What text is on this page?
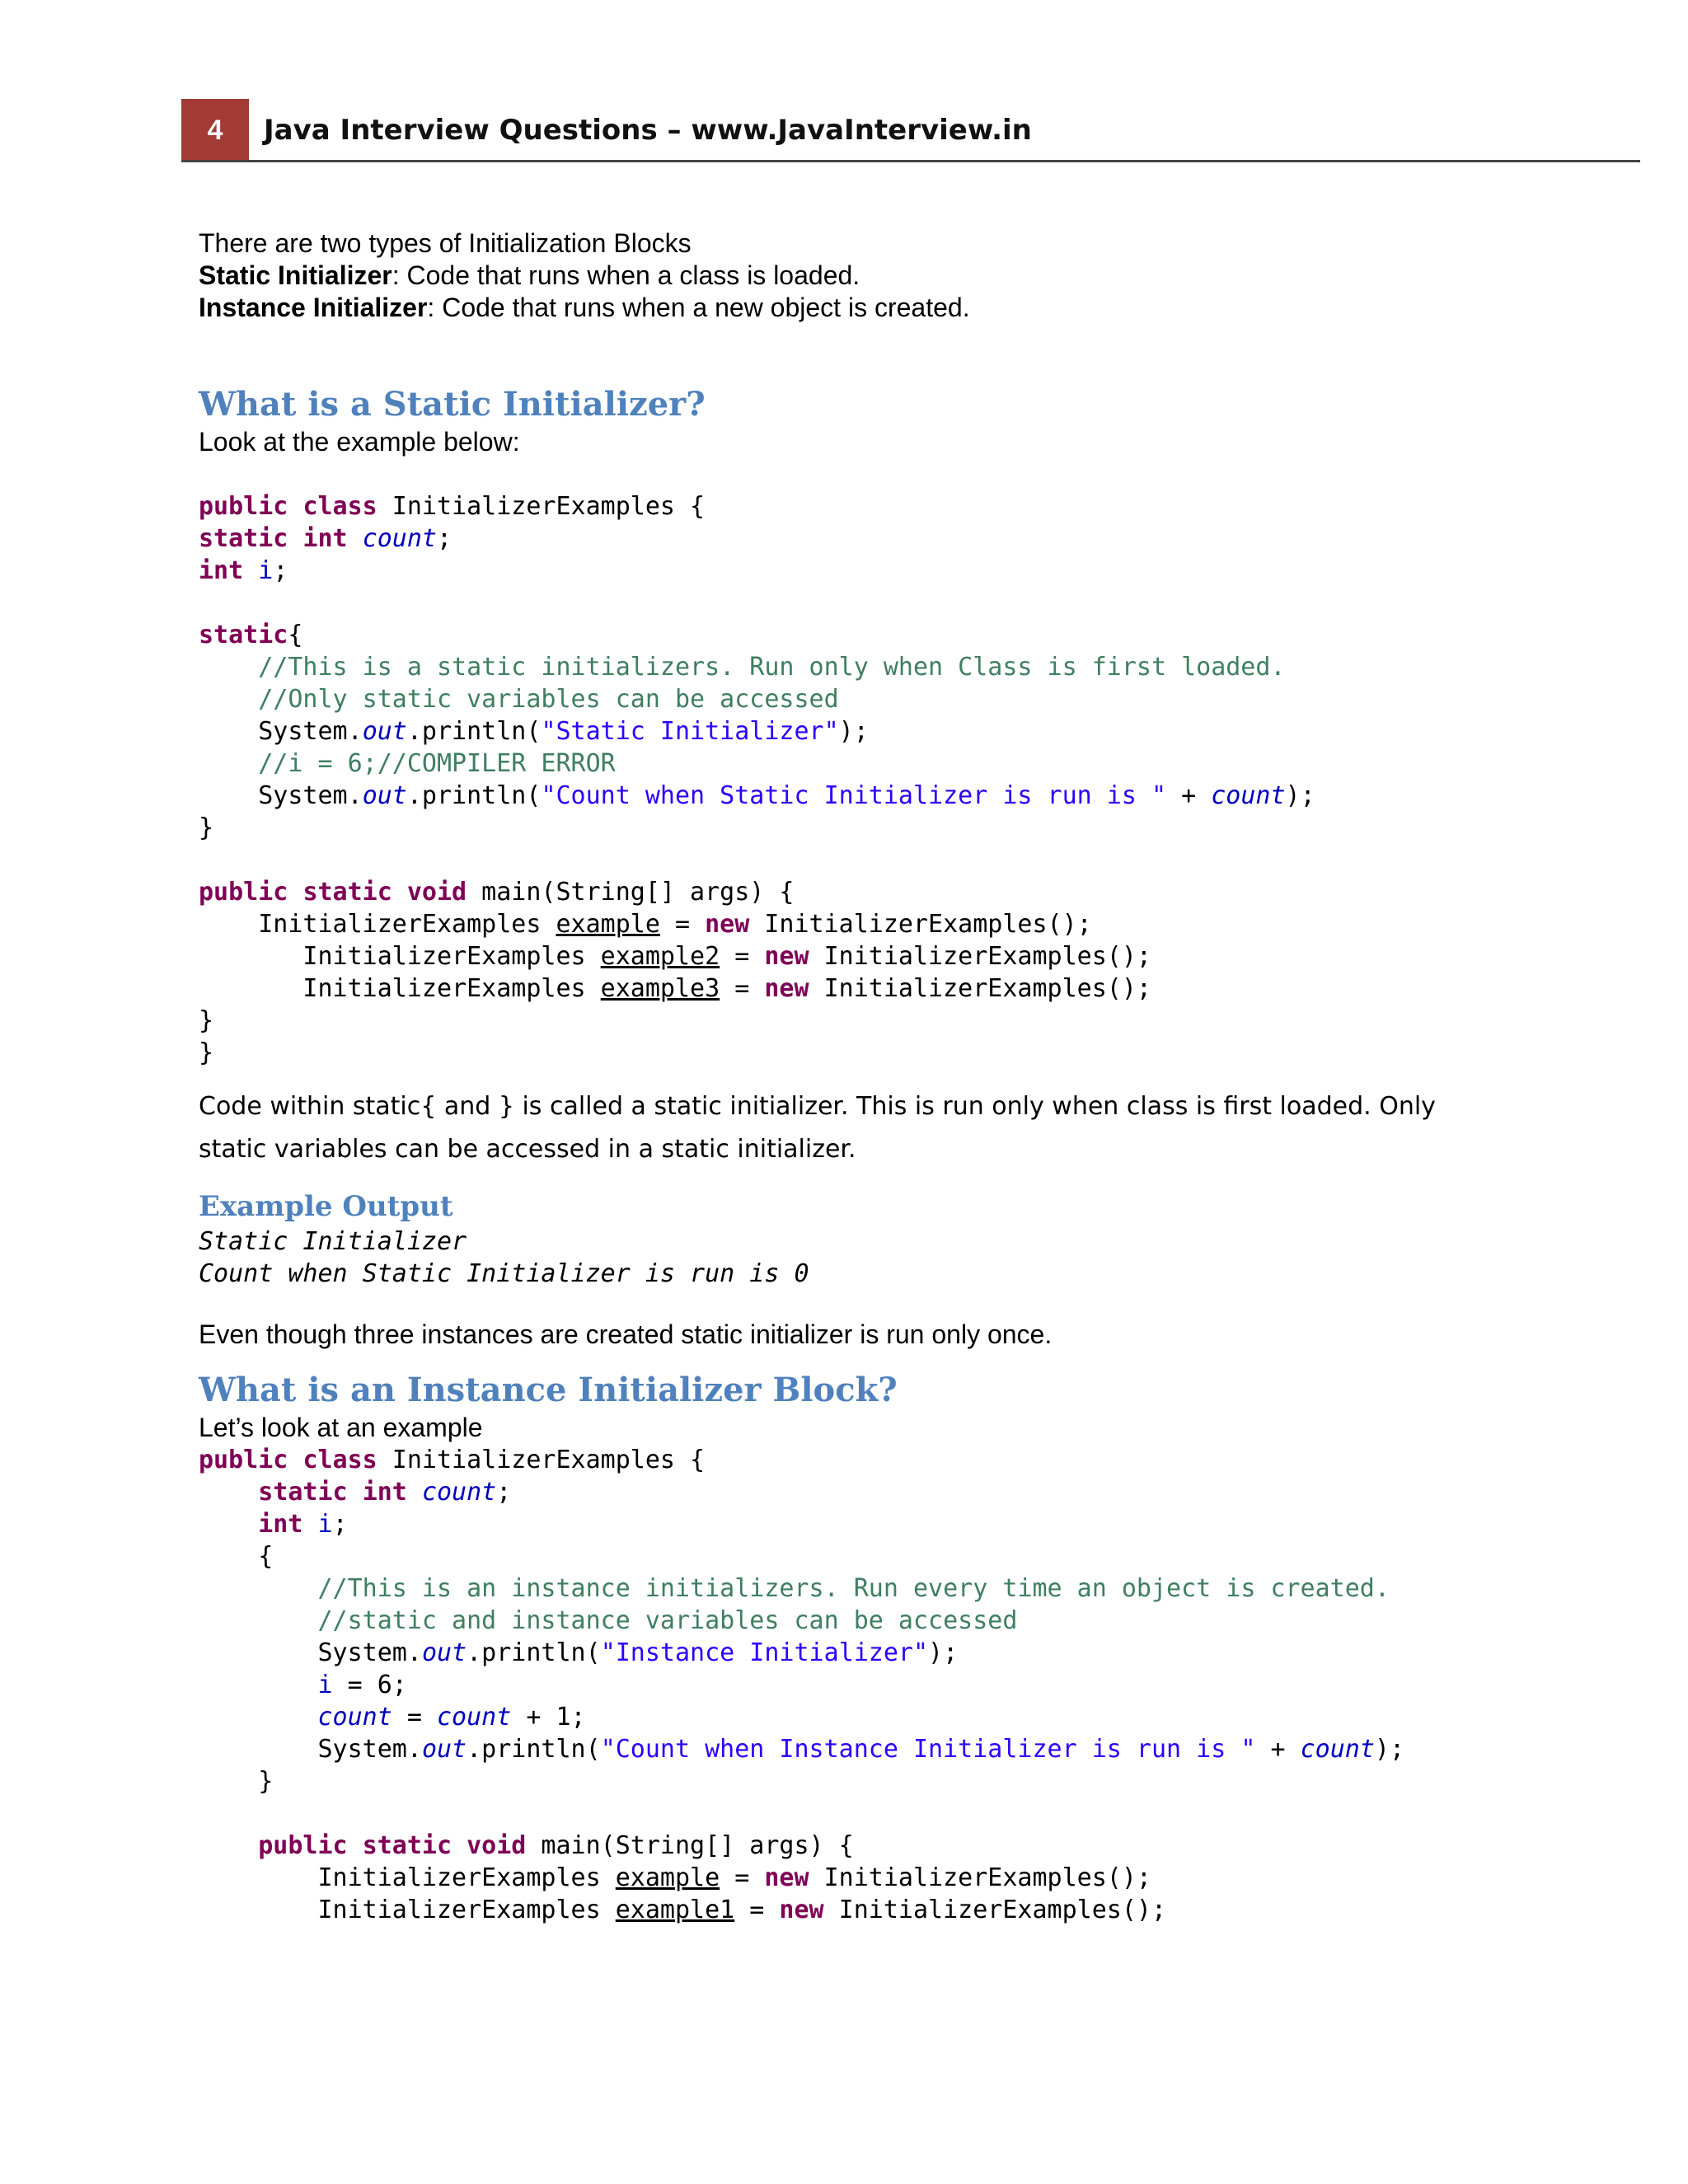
4	Java Interview Questions – www.JavaInterview.in

There are two types of Initialization Blocks

Static Initializer: Code that runs when a class is loaded.

Instance Initializer: Code that runs when a new object is created.

What is a Static Initializer?

Look at the example below:

public class InitializerExamples {
static int count;
int i;

static{
//This is a static initializers. Run only when Class is first loaded.
//Only static variables can be accessed
System.out.println("Static Initializer");
//i = 6;//COMPILER ERROR
System.out.println("Count when Static Initializer is run is " + count);
}

public static void main(String[] args) {
InitializerExamples example = new InitializerExamples();
InitializerExamples example2 = new InitializerExamples();
InitializerExamples example3 = new InitializerExamples();
}
}

Code within static{ and } is called a static initializer. This is run only when class is first loaded. Only static variables can be accessed in a static initializer.

Example Output
Static Initializer
Count when Static Initializer is run is 0

Even though three instances are created static initializer is run only once.

What is an Instance Initializer Block?

Let’s look at an example

public class InitializerExamples {
static int count;
int i;
{
//This is an instance initializers. Run every time an object is created.
//static and instance variables can be accessed
System.out.println("Instance Initializer");
i = 6;
count = count + 1;
System.out.println("Count when Instance Initializer is run is " + count);
}

public static void main(String[] args) {
InitializerExamples example = new InitializerExamples();
InitializerExamples example1 = new InitializerExamples();
